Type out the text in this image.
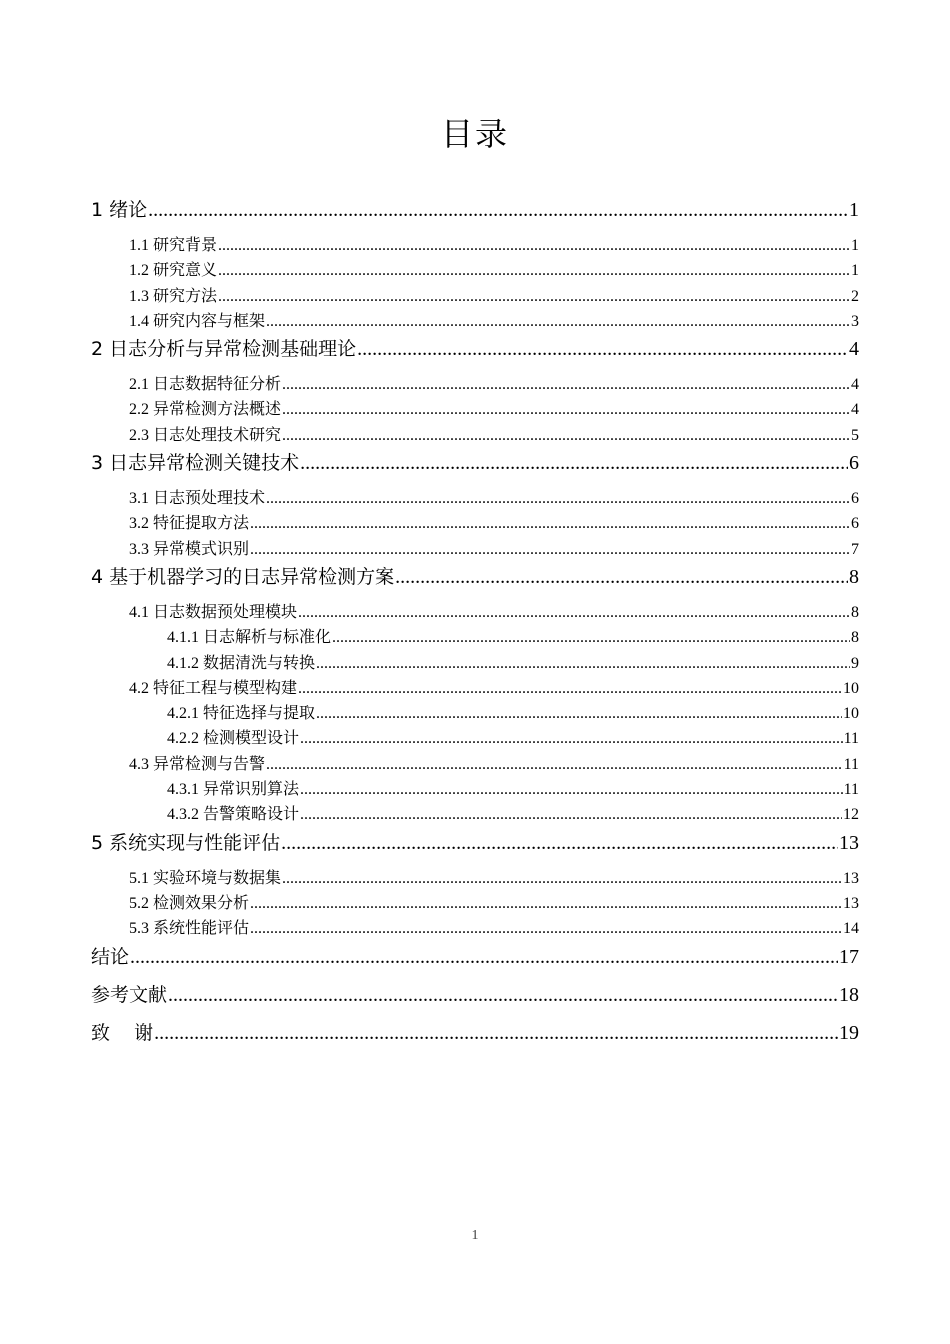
目录
1 绪论 .....	1
1.1 研究背景 .....	1
1.2 研究意义 .....	1
1.3 研究方法 .....	2
1.4 研究内容与框架 .....	3
2 日志分析与异常检测基础理论 .....	4
2.1 日志数据特征分析 .....	4
2.2 异常检测方法概述 .....	4
2.3 日志处理技术研究 .....	5
3 日志异常检测关键技术 .....	6
3.1 日志预处理技术 .....	6
3.2 特征提取方法 .....	6
3.3 异常模式识别 .....	7
4 基于机器学习的日志异常检测方案 .....	8
4.1 日志数据预处理模块 .....	8
4.1.1 日志解析与标准化 .....	8
4.1.2 数据清洗与转换 .....	9
4.2 特征工程与模型构建 .....	10
4.2.1 特征选择与提取 .....	10
4.2.2 检测模型设计 .....	11
4.3 异常检测与告警 .....	11
4.3.1 异常识别算法 .....	11
4.3.2 告警策略设计 .....	12
5 系统实现与性能评估 .....	13
5.1 实验环境与数据集 .....	13
5.2 检测效果分析 .....	13
5.3 系统性能评估 .....	14
结论 .....	17
参考文献 .....	18
致    谢 .....	19
1
